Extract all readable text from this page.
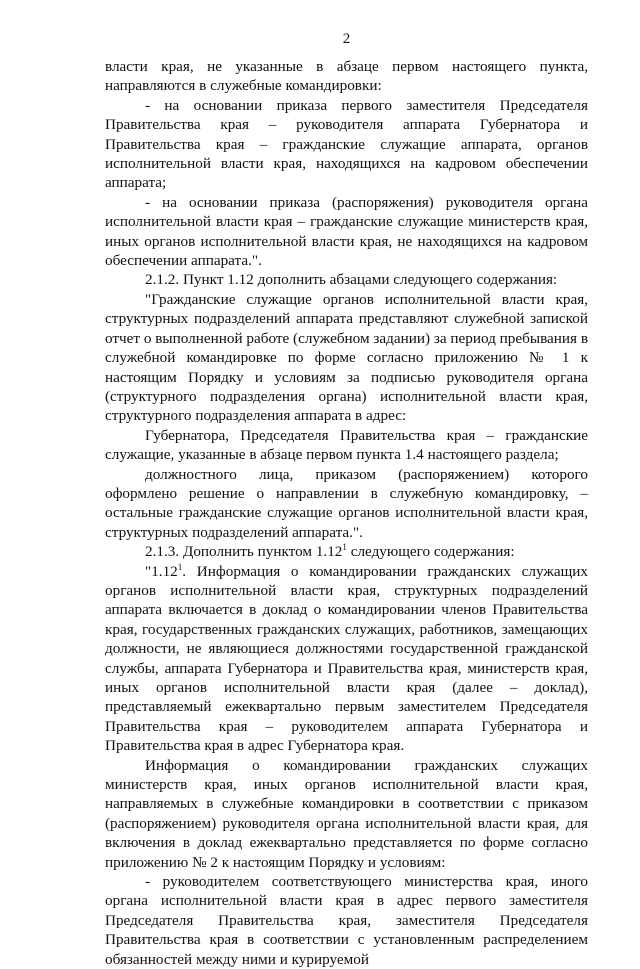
2

власти края, не указанные в абзаце первом настоящего пункта, направляются в служебные командировки:

- на основании приказа первого заместителя Председателя Правительства края – руководителя аппарата Губернатора и Правительства края – гражданские служащие аппарата, органов исполнительной власти края, находящихся на кадровом обеспечении аппарата;

- на основании приказа (распоряжения) руководителя органа исполнительной власти края – гражданские служащие министерств края, иных органов исполнительной власти края, не находящихся на кадровом обеспечении аппарата.".

2.1.2. Пункт 1.12 дополнить абзацами следующего содержания:

"Гражданские служащие органов исполнительной власти края, структурных подразделений аппарата представляют служебной запиской отчет о выполненной работе (служебном задании) за период пребывания в служебной командировке по форме согласно приложению № 1 к настоящим Порядку и условиям за подписью руководителя органа (структурного подразделения органа) исполнительной власти края, структурного подразделения аппарата в адрес:

Губернатора, Председателя Правительства края – гражданские служащие, указанные в абзаце первом пункта 1.4 настоящего раздела;

должностного лица, приказом (распоряжением) которого оформлено решение о направлении в служебную командировку, – остальные гражданские служащие органов исполнительной власти края, структурных подразделений аппарата.".

2.1.3. Дополнить пунктом 1.12$^1$ следующего содержания:

"1.12$^1$. Информация о командировании гражданских служащих органов исполнительной власти края, структурных подразделений аппарата включается в доклад о командировании членов Правительства края, государственных гражданских служащих, работников, замещающих должности, не являющиеся должностями государственной гражданской службы, аппарата Губернатора и Правительства края, министерств края, иных органов исполнительной власти края (далее – доклад), представляемый ежеквартально первым заместителем Председателя Правительства края – руководителем аппарата Губернатора и Правительства края в адрес Губернатора края.

Информация о командировании гражданских служащих министерств края, иных органов исполнительной власти края, направляемых в служебные командировки в соответствии с приказом (распоряжением) руководителя органа исполнительной власти края, для включения в доклад ежеквартально представляется по форме согласно приложению № 2 к настоящим Порядку и условиям:

- руководителем соответствующего министерства края, иного органа исполнительной власти края в адрес первого заместителя Председателя Правительства края, заместителя Председателя Правительства края в соответствии с установленным распределением обязанностей между ними и курируемой
